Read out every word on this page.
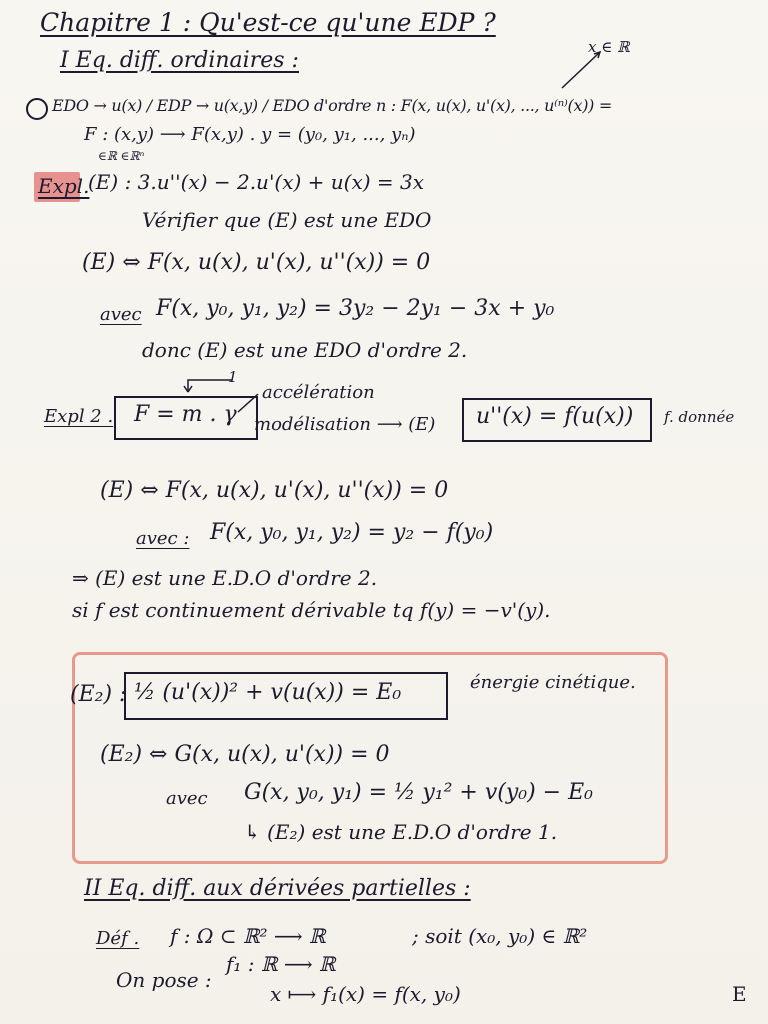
Chapitre 1 : Qu'est-ce qu'une EDP ?
I Eq. diff. ordinaires :
x ∈ ℝ
EDO → u(x) / EDP → u(x,y) / EDO d'ordre n : F(x, u(x), u'(x), ..., u⁽ⁿ⁾(x)) =
F : (x,y) ⟶ F(x,y) . y = (y₀, y₁, ..., yₙ)
∈ℝ ∈ℝⁿ
Expl.
(E) : 3.u''(x) − 2.u'(x) + u(x) = 3x
Vérifier que (E) est une EDO
(E) ⇔ F(x, u(x), u'(x), u''(x)) = 0
avec F(x, y₀, y₁, y₂) = 3y₂ − 2y₁ − 3x + y₀
donc (E) est une EDO d'ordre 2.
Expl 2 . F = m . γ
1
accélération
modélisation ⟶ (E) u''(x) = f(u(x)) f. donnée
(E) ⇔ F(x, u(x), u'(x), u''(x)) = 0
avec : F(x, y₀, y₁, y₂) = y₂ − f(y₀)
⇒ (E) est une E.D.O d'ordre 2.
si f est continuement dérivable tq f(y) = −v'(y).
(E₂) : ½ (u'(x))² + v(u(x)) = E₀	énergie cinétique.
(E₂) ⇔ G(x, u(x), u'(x)) = 0
avec G(x, y₀, y₁) = ½ y₁² + v(y₀) − E₀
↳ (E₂) est une E.D.O d'ordre 1.
II Eq. diff. aux dérivées partielles :
Déf . f : Ω ⊂ ℝ² ⟶ ℝ	; soit (x₀, y₀) ∈ ℝ²
On pose :
f₁ : ℝ ⟶ ℝ
x ⟼ f₁(x) = f(x, y₀)	E
